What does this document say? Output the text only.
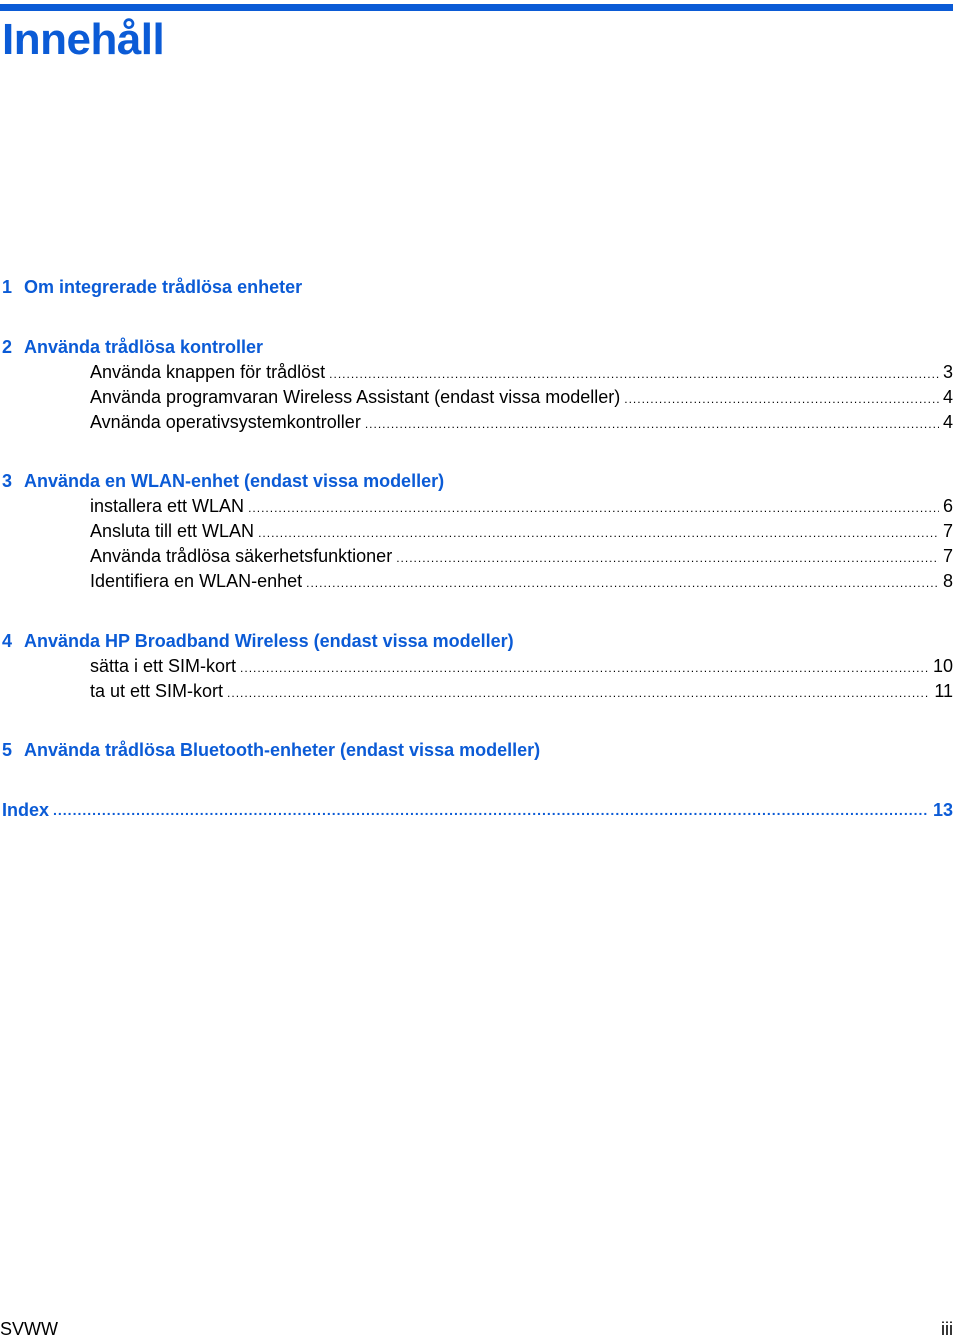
Innehåll
1 Om integrerade trådlösa enheter
2 Använda trådlösa kontroller
Använda knappen för trådlöst .....	3
Använda programvaran Wireless Assistant (endast vissa modeller) .....	4
Avnända operativsystemkontroller .....	4
3 Använda en WLAN-enhet (endast vissa modeller)
installera ett WLAN .....	6
Ansluta till ett WLAN .....	7
Använda trådlösa säkerhetsfunktioner .....	7
Identifiera en WLAN-enhet .....	8
4 Använda HP Broadband Wireless (endast vissa modeller)
sätta i ett SIM-kort .....	10
ta ut ett SIM-kort .....	11
5 Använda trådlösa Bluetooth-enheter (endast vissa modeller)
Index .....	13
SVWW	iii
